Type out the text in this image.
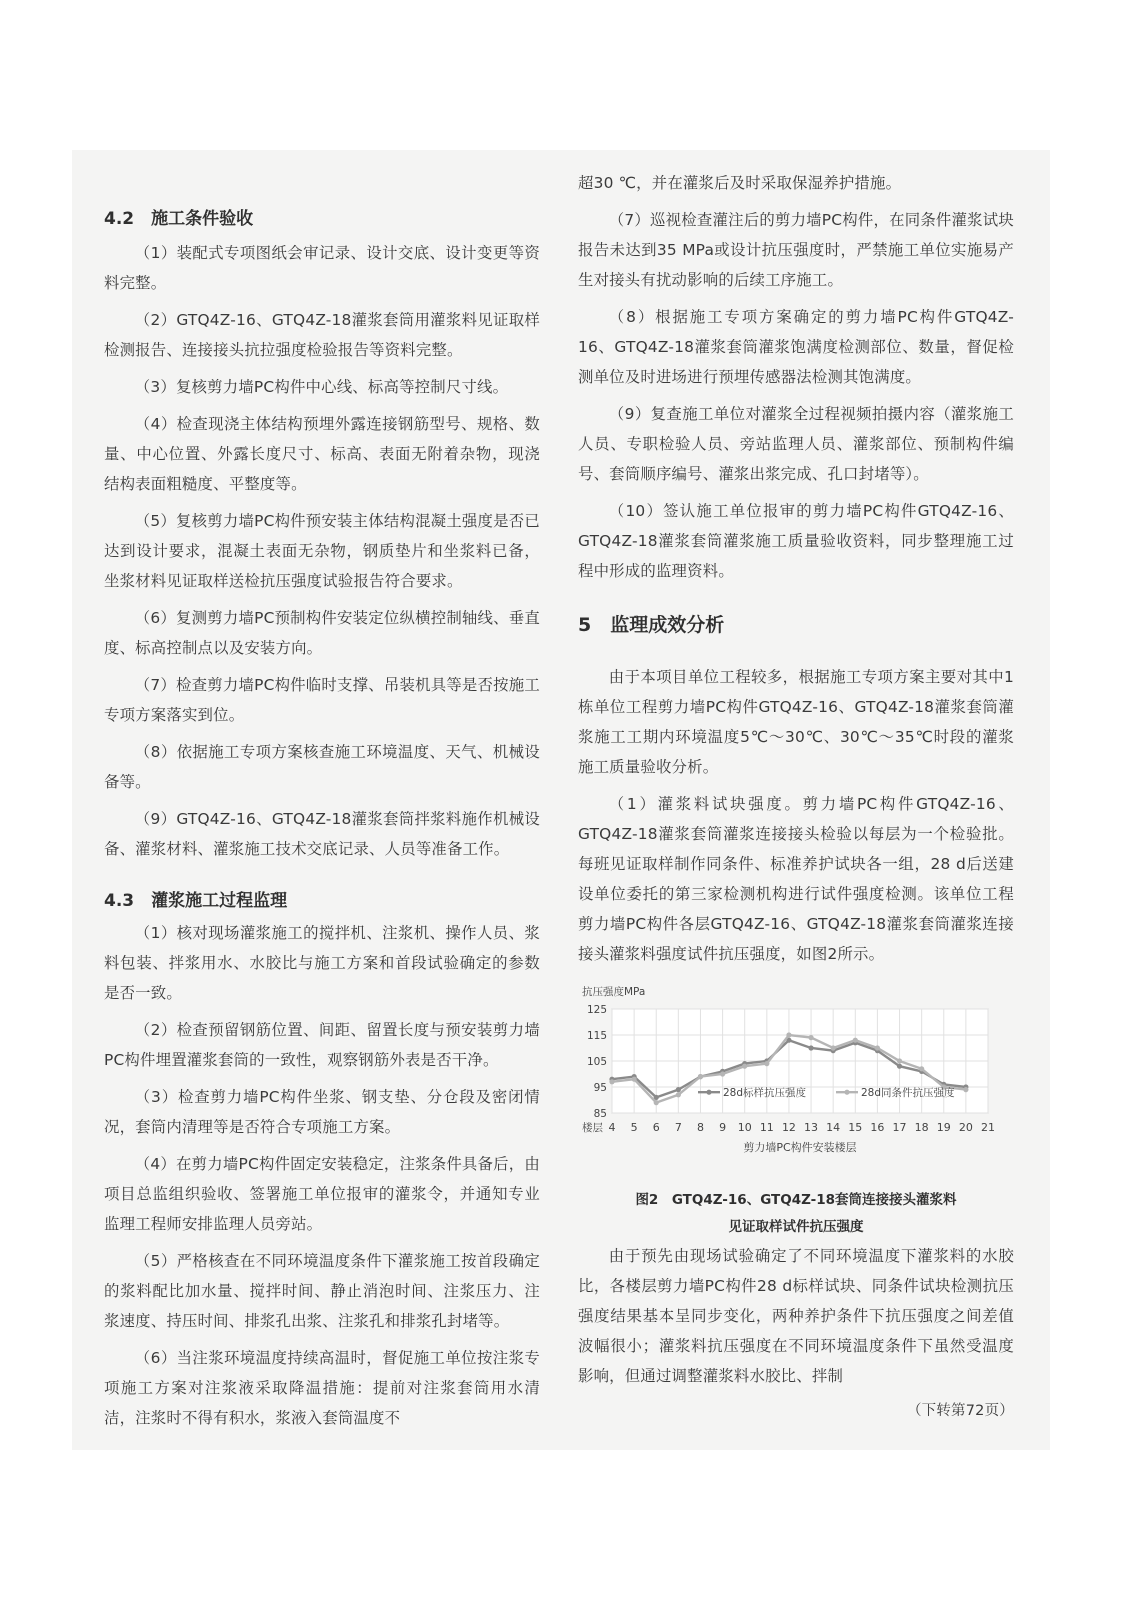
4.2　施工条件验收

（1）装配式专项图纸会审记录、设计交底、设计变更等资料完整。

（2）GTQ4Z-16、GTQ4Z-18灌浆套筒用灌浆料见证取样检测报告、连接接头抗拉强度检验报告等资料完整。

（3）复核剪力墙PC构件中心线、标高等控制尺寸线。

（4）检查现浇主体结构预埋外露连接钢筋型号、规格、数量、中心位置、外露长度尺寸、标高、表面无附着杂物，现浇结构表面粗糙度、平整度等。

（5）复核剪力墙PC构件预安装主体结构混凝土强度是否已达到设计要求，混凝土表面无杂物，钢质垫片和坐浆料已备，坐浆材料见证取样送检抗压强度试验报告符合要求。

（6）复测剪力墙PC预制构件安装定位纵横控制轴线、垂直度、标高控制点以及安装方向。

（7）检查剪力墙PC构件临时支撑、吊装机具等是否按施工专项方案落实到位。

（8）依据施工专项方案核查施工环境温度、天气、机械设备等。

（9）GTQ4Z-16、GTQ4Z-18灌浆套筒拌浆料施作机械设备、灌浆材料、灌浆施工技术交底记录、人员等准备工作。

4.3　灌浆施工过程监理

（1）核对现场灌浆施工的搅拌机、注浆机、操作人员、浆料包装、拌浆用水、水胶比与施工方案和首段试验确定的参数是否一致。

（2）检查预留钢筋位置、间距、留置长度与预安装剪力墙PC构件埋置灌浆套筒的一致性，观察钢筋外表是否干净。

（3）检查剪力墙PC构件坐浆、钢支垫、分仓段及密闭情况，套筒内清理等是否符合专项施工方案。

（4）在剪力墙PC构件固定安装稳定，注浆条件具备后，由项目总监组织验收、签署施工单位报审的灌浆令，并通知专业监理工程师安排监理人员旁站。

（5）严格核查在不同环境温度条件下灌浆施工按首段确定的浆料配比加水量、搅拌时间、静止消泡时间、注浆压力、注浆速度、持压时间、排浆孔出浆、注浆孔和排浆孔封堵等。

（6）当注浆环境温度持续高温时，督促施工单位按注浆专项施工方案对注浆液采取降温措施：提前对注浆套筒用水清洁，注浆时不得有积水，浆液入套筒温度不

超30 ℃，并在灌浆后及时采取保湿养护措施。

（7）巡视检查灌注后的剪力墙PC构件，在同条件灌浆试块报告未达到35 MPa或设计抗压强度时，严禁施工单位实施易产生对接头有扰动影响的后续工序施工。

（8）根据施工专项方案确定的剪力墙PC构件GTQ4Z-16、GTQ4Z-18灌浆套筒灌浆饱满度检测部位、数量，督促检测单位及时进场进行预埋传感器法检测其饱满度。

（9）复查施工单位对灌浆全过程视频拍摄内容（灌浆施工人员、专职检验人员、旁站监理人员、灌浆部位、预制构件编号、套筒顺序编号、灌浆出浆完成、孔口封堵等）。

（10）签认施工单位报审的剪力墙PC构件GTQ4Z-16、GTQ4Z-18灌浆套筒灌浆施工质量验收资料，同步整理施工过程中形成的监理资料。

5　监理成效分析

由于本项目单位工程较多，根据施工专项方案主要对其中1栋单位工程剪力墙PC构件GTQ4Z-16、GTQ4Z-18灌浆套筒灌浆施工工期内环境温度5℃～30℃、30℃～35℃时段的灌浆施工质量验收分析。

（1）灌浆料试块强度。剪力墙PC构件GTQ4Z-16、GTQ4Z-18灌浆套筒灌浆连接接头检验以每层为一个检验批。每班见证取样制作同条件、标准养护试块各一组，28 d后送建设单位委托的第三家检测机构进行试件强度检测。该单位工程剪力墙PC构件各层GTQ4Z-16、GTQ4Z-18灌浆套筒灌浆连接接头灌浆料强度试件抗压强度，如图2所示。

抗压强度MPa
85
95
105
115
125
楼层 4 5 6 7 8 9 10 11 12 13 14 15 16 17 18 19 20 21
剪力墙PC构件安装楼层
28d标样抗压强度	28d同条件抗压强度
图2　GTQ4Z-16、GTQ4Z-18套筒连接接头灌浆料
见证取样试件抗压强度

由于预先由现场试验确定了不同环境温度下灌浆料的水胶比，各楼层剪力墙PC构件28 d标样试块、同条件试块检测抗压强度结果基本呈同步变化，两种养护条件下抗压强度之间差值波幅很小；灌浆料抗压强度在不同环境温度条件下虽然受温度影响，但通过调整灌浆料水胶比、拌制

（下转第72页）
